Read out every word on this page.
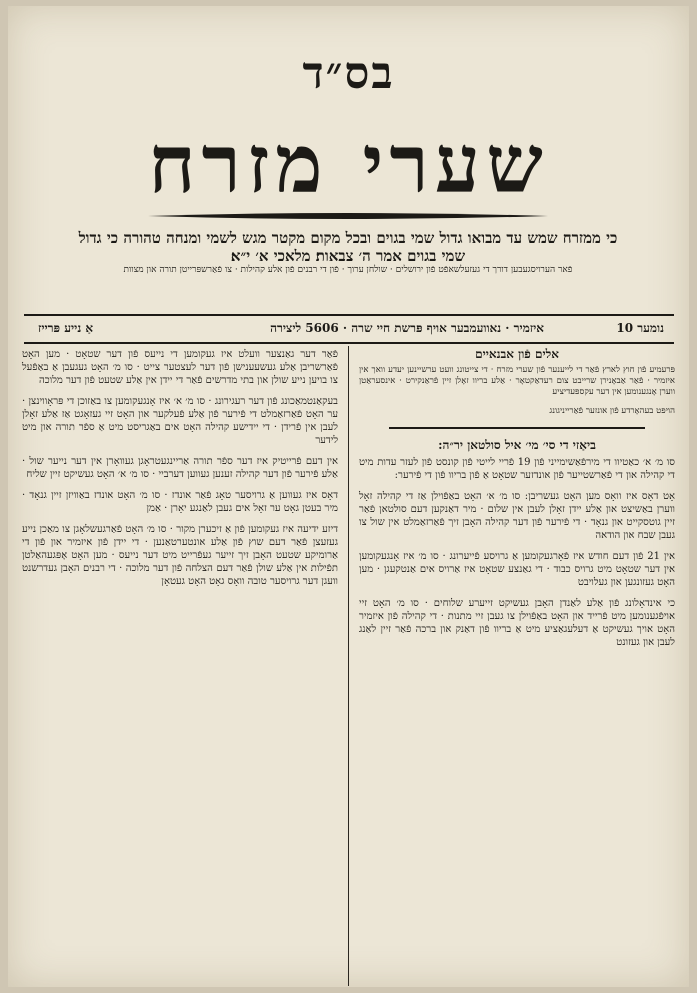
בס״ד
שערי מזרח
כי ממזרח שמש עד מבואו גדול שמי בגוים ובכל מקום מקטר מגש לשמי ומנחה טהורה כי גדול
שמי בגוים אמר ה׳ צבאות׃ מלאכי א׳ י״א׃
פֿאר הערויסגעבען דורך די געזעלשאפֿט פֿון ירושלים · שולחן ערוך · פֿון די רבנים פֿון אלע קהילות · צו פֿאַרשפּרייטן תורה און מצוות
נומער 10
איזמיר · נאוועמבער אויף פּרשת חיי שרה · 5606 ליצירה
אַ נייע פּרייז
אלים פֿון אבנאיים

פּרעמיע פֿון חוץ לארץ פֿאַר די לייענער פֿון שערי מזרח · די צייטונג וועט ערשיינען יעדע וואך אין איזמיר · פֿאַר אַבאָנירן שרייבט צום רעדאַקטאָר · אַלע בריוו זאָלן זיין פֿראַנקירט · אינסעראַטן ווערן אָנגענומען אין דער עקספּעדיציע

הויפּט בעהאָרדע פֿון אונזער פֿאַרייניגונג

ביאַזי די סי׳ מי׳ איל סולטאן יר״ה:

סו מ׳ א׳ כאַטיוו די מירפֿאַשימייני פֿון 19 פֿריי לייטי פֿון קונסט פֿון לעזר עדות מיט די קהילה און די פֿאַרשטייער פֿון אונדזער שטאָט אַ פֿון בריוו פֿון די פֿירער:

אָט דאָס איז וואָס מען האָט געשריבן: סו מ׳ א׳ האָט באַפֿוילן אַז די קהילה זאָל ווערן באַשיצט און אַלע יידן זאָלן לעבן אין שלום · מיר דאַנקען דעם סולטאן פֿאַר זיין גוטסקייט און גנאָד · די פֿירער פֿון דער קהילה האָבן זיך פֿאַרזאַמלט אין שול צו געבן שבח און הודאה

אין 21 פֿון דעם חודש איז פֿאָרגעקומען אַ גרויסע פֿייערונג · סו מ׳ איז אָנגעקומען אין דער שטאָט מיט גרויס כבוד · די גאַנצע שטאָט איז אַרויס אים אַנטקעגן · מען האָט געזונגען און געלויבט

כי אינדאָלונג פֿון אַלע לאַנדן האָבן געשיקט זייערע שלוחים · סו מ׳ האָט זיי אויפֿגענומען מיט פֿרייד און האָט באַפֿוילן צו געבן זיי מתנות · די קהילה פֿון איזמיר האָט אויך געשיקט אַ דעלעגאַציע מיט אַ בריוו פֿון דאַנק און ברכה פֿאַר זיין לאַנג לעבן און געזונט

פֿאַר דער גאַנצער וועלט איז געקומען די נייעס פֿון דער שטאָט · מען האָט פֿאַרשריבן אַלע געשעענישן פֿון דער לעצטער צייט · סו מ׳ האָט געגעבן אַ באַפֿעל צו בויען נייע שולן און בתי מדרשים פֿאַר די יידן אין אַלע שטעט פֿון דער מלוכה

בעקאַנטמאַכונג פֿון דער רעגירונג · סו מ׳ א׳ איז אָנגעקומען צו באַזוכן די פּראָווינצן · ער האָט פֿאַרזאַמלט די פֿירער פֿון אַלע פֿעלקער און האָט זיי געזאָגט אַז אַלע זאָלן לעבן אין פֿרידן · די יידישע קהילה האָט אים באַגריסט מיט אַ ספֿר תורה און מיט לידער

אין דעם פֿרייטיק איז דער ספֿר תורה אַריינגעטראָגן געוואָרן אין דער נייער שול · אַלע פֿירער פֿון דער קהילה זענען געווען דערביי · סו מ׳ א׳ האָט געשיקט זיין שליח

דאָס איז געווען אַ גרויסער טאָג פֿאַר אונדז · סו מ׳ האָט אונדז באַוויזן זיין גנאָד · מיר בעטן גאָט ער זאָל אים געבן לאַנגע יאָרן · אַמן

דיזע ידיעה איז געקומען פֿון אַ זיכערן מקור · סו מ׳ האָט פֿאַרגעשלאָגן צו מאַכן נייע געזעצן פֿאַר דעם שוץ פֿון אַלע אונטערטאַנען · די יידן פֿון איזמיר און פֿון די אַרומיקע שטעט האָבן זיך זייער געפֿרייט מיט דער נייעס · מען האָט אָפּגעהאַלטן תפֿילות אין אַלע שולן פֿאַר דעם הצלחה פֿון דער מלוכה · די רבנים האָבן געדרשנט וועגן דער גרויסער טובה וואָס גאָט האָט געטאָן
